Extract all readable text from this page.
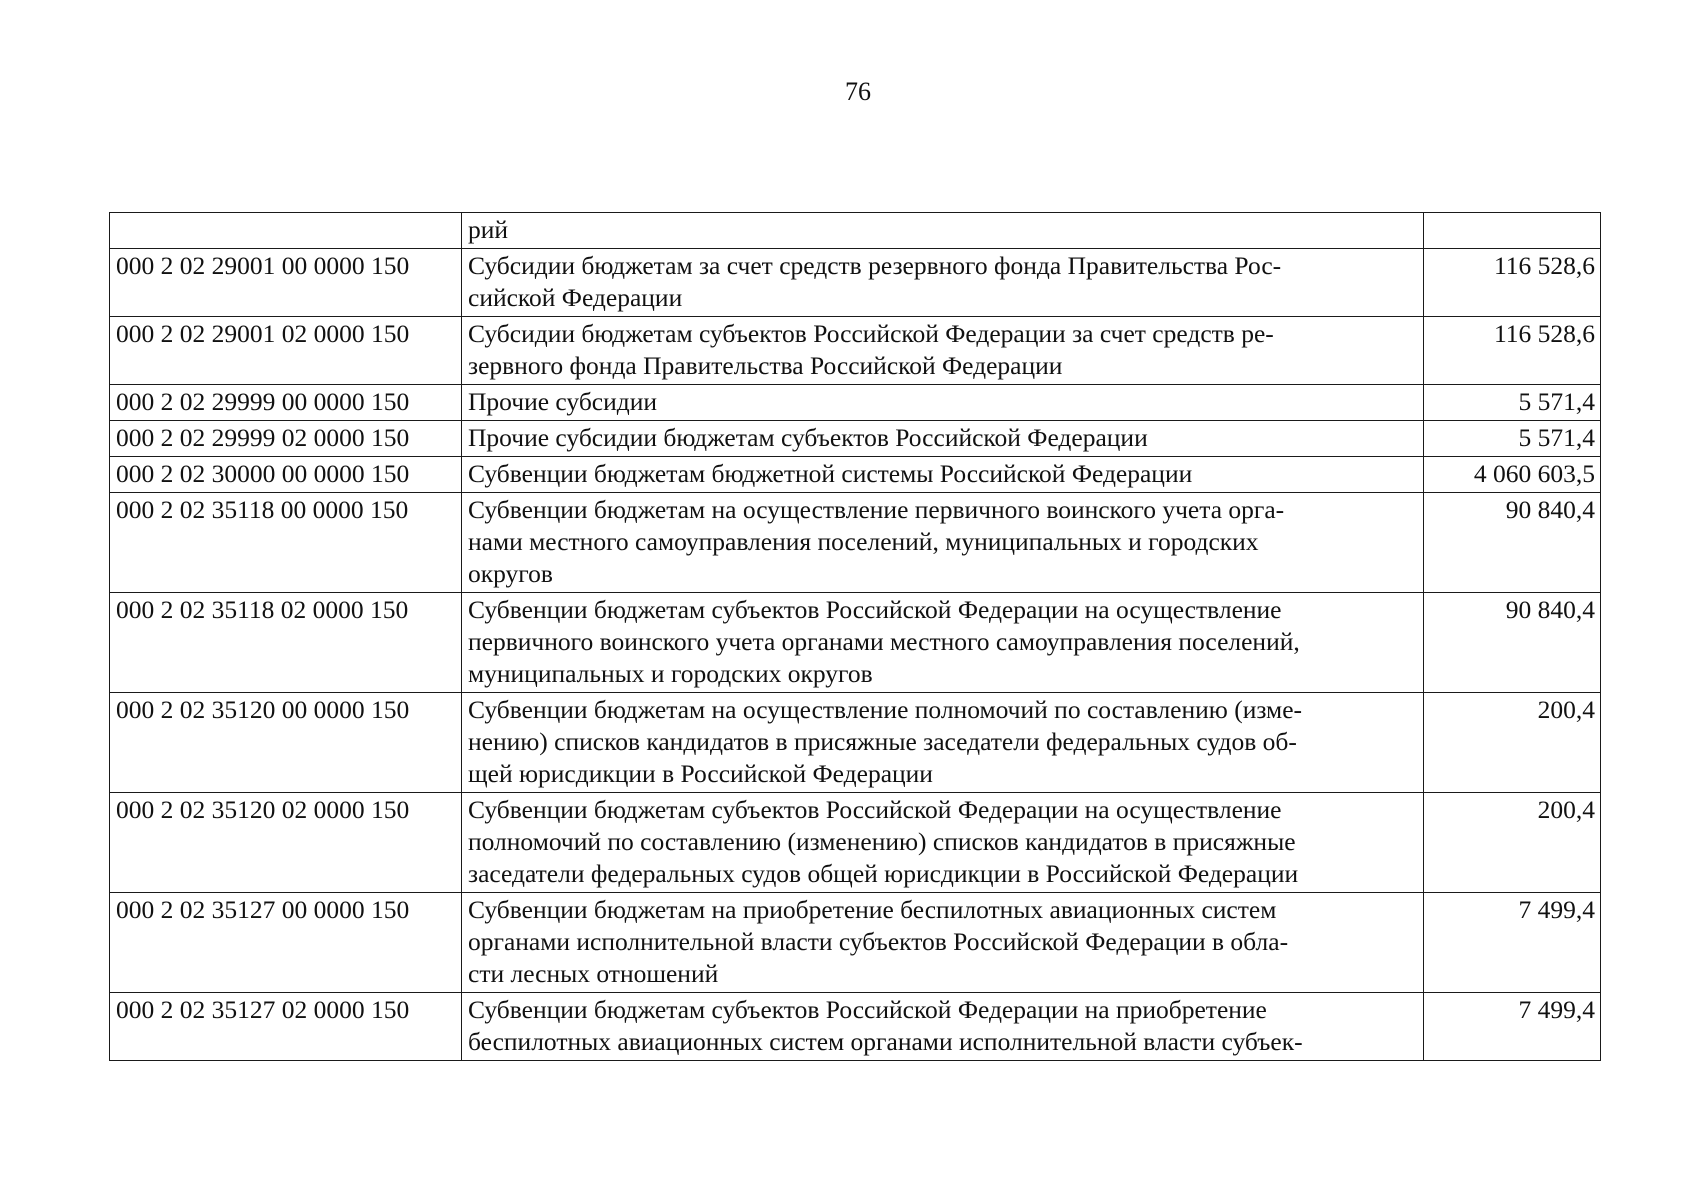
76

	рий	

000 2 02 29001 00 0000 150	Субсидии бюджетам за счет средств резервного фонда Правительства Рос-
сийской Федерации	116 528,6
000 2 02 29001 02 0000 150	Субсидии бюджетам субъектов Российской Федерации за счет средств ре-
зервного фонда Правительства Российской Федерации	116 528,6
000 2 02 29999 00 0000 150	Прочие субсидии	5 571,4
000 2 02 29999 02 0000 150	Прочие субсидии бюджетам субъектов Российской Федерации	5 571,4
000 2 02 30000 00 0000 150	Субвенции бюджетам бюджетной системы Российской Федерации	4 060 603,5
000 2 02 35118 00 0000 150	Субвенции бюджетам на осуществление первичного воинского учета орга-
нами местного самоуправления поселений, муниципальных и городских
округов	90 840,4
000 2 02 35118 02 0000 150	Субвенции бюджетам субъектов Российской Федерации на осуществление
первичного воинского учета органами местного самоуправления поселений,
муниципальных и городских округов	90 840,4
000 2 02 35120 00 0000 150	Субвенции бюджетам на осуществление полномочий по составлению (изме-
нению) списков кандидатов в присяжные заседатели федеральных судов об-
щей юрисдикции в Российской Федерации	200,4
000 2 02 35120 02 0000 150	Субвенции бюджетам субъектов Российской Федерации на осуществление
полномочий по составлению (изменению) списков кандидатов в присяжные
заседатели федеральных судов общей юрисдикции в Российской Федерации	200,4
000 2 02 35127 00 0000 150	Субвенции бюджетам на приобретение беспилотных авиационных систем
органами исполнительной власти субъектов Российской Федерации в обла-
сти лесных отношений	7 499,4
000 2 02 35127 02 0000 150	Субвенции бюджетам субъектов Российской Федерации на приобретение
беспилотных авиационных систем органами исполнительной власти субъек-	7 499,4
